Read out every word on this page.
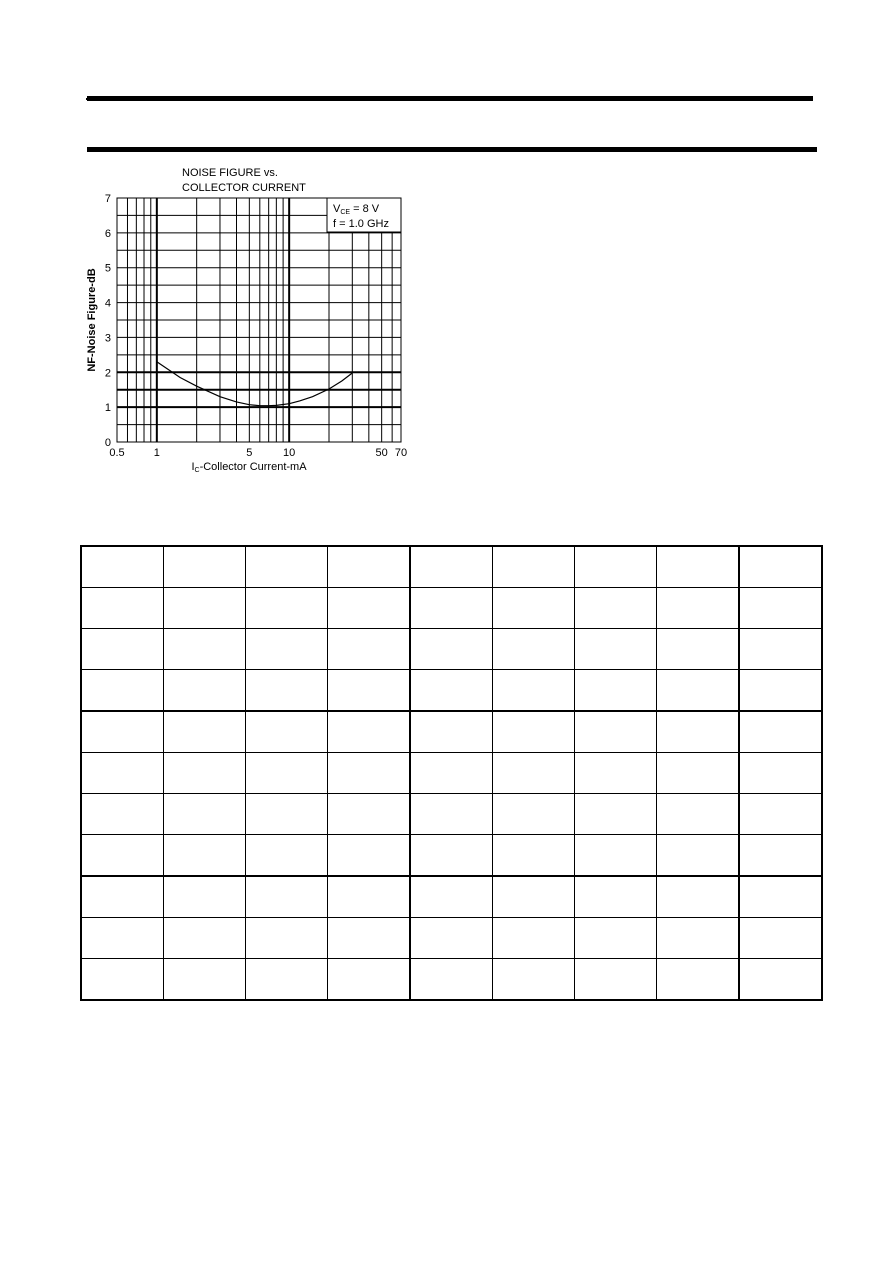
NOISE FIGURE vs.
COLLECTOR CURRENT
VCE = 8 V
f = 1.0 GHz
0
1
2
3
4
5
6
7
0.5	1	5	10	50 70
NF-Noise Figure-dB
IC-Collector Current-mA
